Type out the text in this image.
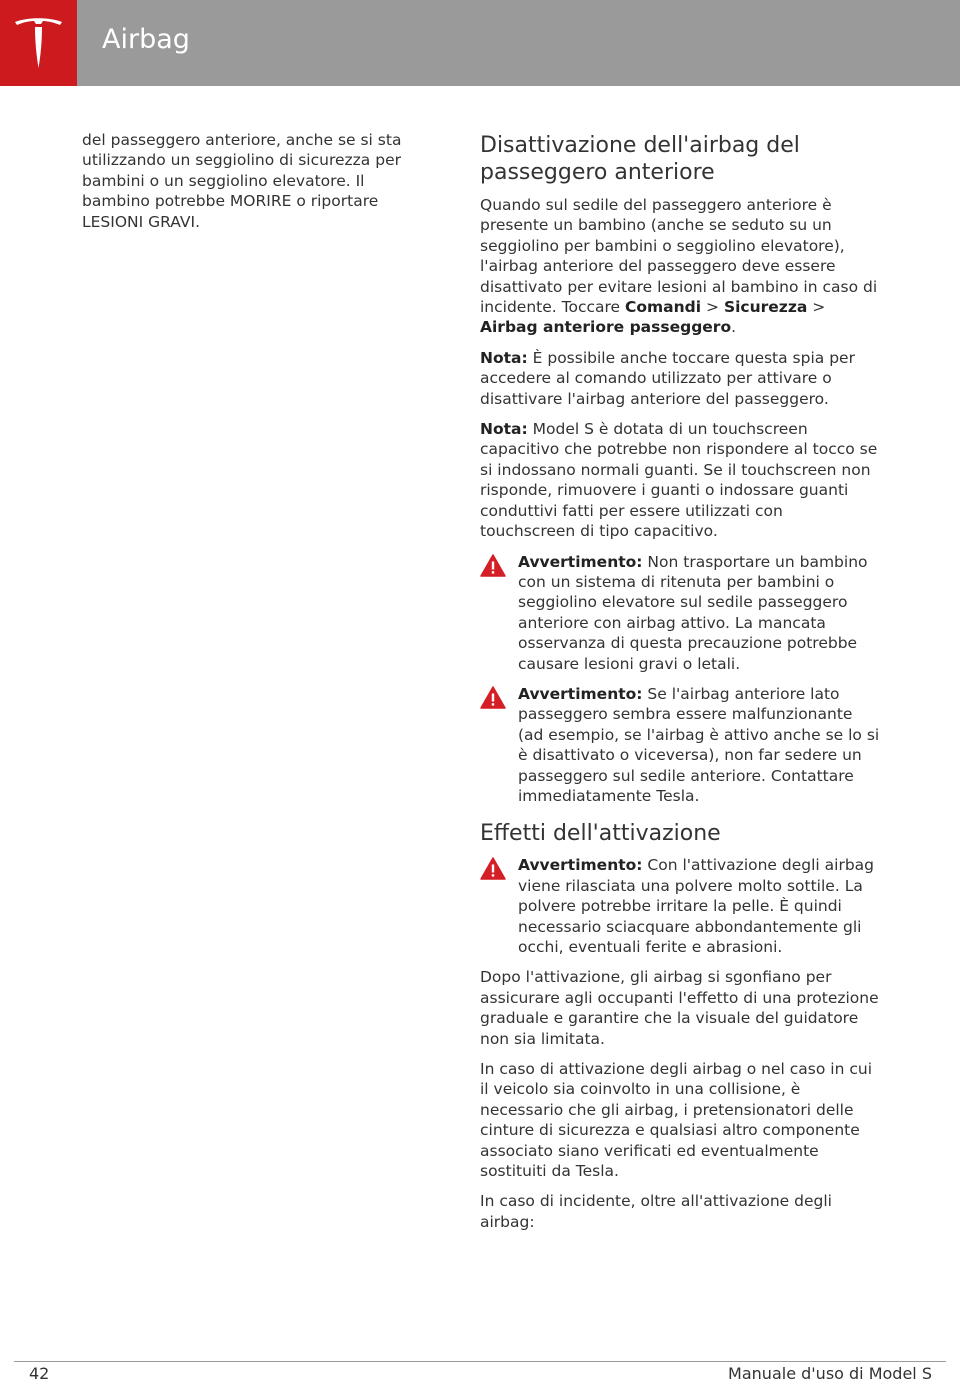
Airbag

del passeggero anteriore, anche se si sta utilizzando un seggiolino di sicurezza per bambini o un seggiolino elevatore. Il bambino potrebbe MORIRE o riportare LESIONI GRAVI.

Disattivazione dell'airbag del passeggero anteriore

Quando sul sedile del passeggero anteriore è presente un bambino (anche se seduto su un seggiolino per bambini o seggiolino elevatore), l'airbag anteriore del passeggero deve essere disattivato per evitare lesioni al bambino in caso di incidente. Toccare Comandi > Sicurezza > Airbag anteriore passeggero.

Nota: È possibile anche toccare questa spia per accedere al comando utilizzato per attivare o disattivare l'airbag anteriore del passeggero.

Nota: Model S è dotata di un touchscreen capacitivo che potrebbe non rispondere al tocco se si indossano normali guanti. Se il touchscreen non risponde, rimuovere i guanti o indossare guanti conduttivi fatti per essere utilizzati con touchscreen di tipo capacitivo.

Avvertimento: Non trasportare un bambino con un sistema di ritenuta per bambini o seggiolino elevatore sul sedile passeggero anteriore con airbag attivo. La mancata osservanza di questa precauzione potrebbe causare lesioni gravi o letali.
Avvertimento: Se l'airbag anteriore lato passeggero sembra essere malfunzionante (ad esempio, se l'airbag è attivo anche se lo si è disattivato o viceversa), non far sedere un passeggero sul sedile anteriore. Contattare immediatamente Tesla.
Effetti dell'attivazione
Avvertimento: Con l'attivazione degli airbag viene rilasciata una polvere molto sottile. La polvere potrebbe irritare la pelle. È quindi necessario sciacquare abbondantemente gli occhi, eventuali ferite e abrasioni.

Dopo l'attivazione, gli airbag si sgonfiano per assicurare agli occupanti l'effetto di una protezione graduale e garantire che la visuale del guidatore non sia limitata.

In caso di attivazione degli airbag o nel caso in cui il veicolo sia coinvolto in una collisione, è necessario che gli airbag, i pretensionatori delle cinture di sicurezza e qualsiasi altro componente associato siano verificati ed eventualmente sostituiti da Tesla.

In caso di incidente, oltre all'attivazione degli airbag:

42	Manuale d'uso di Model S
